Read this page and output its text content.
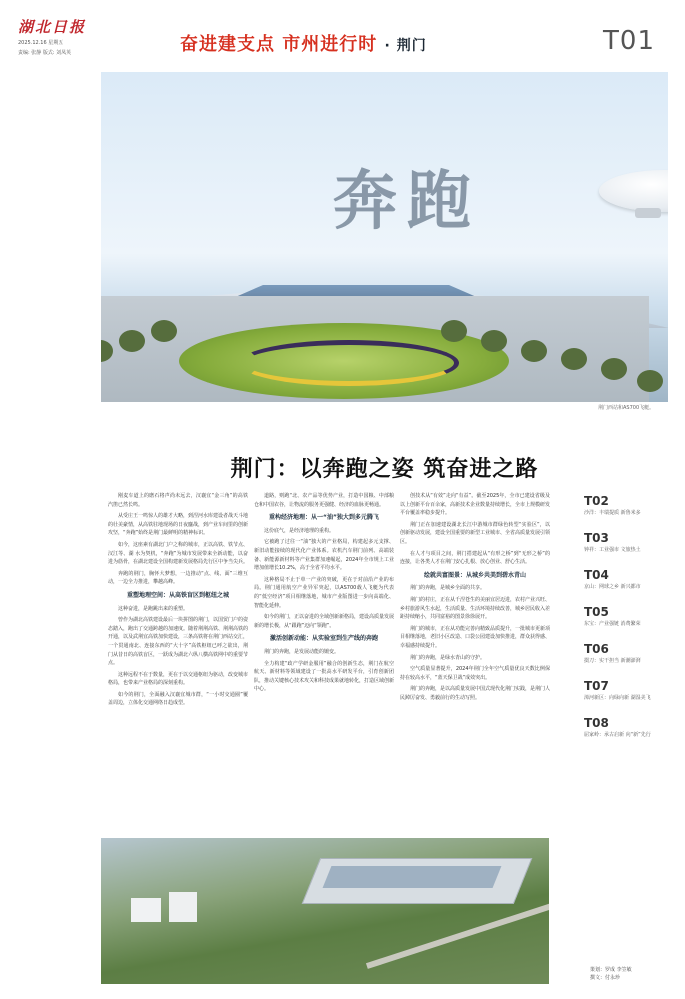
湖北日报
2025.12.16 星期五
责编: 张静 版式: 刘凤英	奋进建支点 市州进行时 · 荆门	T01
奔跑
荆门西站和AS700飞艇。
荆门：以奔跑之姿 筑奋进之路

刚麦车道上的磨石将声尚未远去，汉襄宜“金三角”的高铁汽笛已然长鸣。

从受庄王一鸣惊人的雄才大略，到涅河水库建设者战天斗地的壮美豪情，从高铁驻地现场的日夜鏖战，到产业车间里的创新攻坚，“奔跑”始终是荆门最鲜明的精神标识。

如今，这座素有湖北门户之称的城市，正以高铁、铁节点、汉江等、湖 水为契机，“奔跑”为城市发展带来全新动能，以奋进为筋骨，在湖北建设全国构建新发展格局先行区中争当尖兵。

奔跑的荆门，胸怀大梦想，一边推动“点、线、面”三维互动，一边全力推进，攀越高峰。

重塑地理空间：从高铁盲区到枢纽之城

这种奋进，是跑跳出来的重塑。

曾作为湖北高铁建设最后一块拼图的荆门，以国贸门户的姿态踏入，跑出了交通跨越的加速度。随着荆荆高铁、荆荆高铁的开通，以及武荆宜高铁加快建设，三条高铁将在荆门西站交汇，一个贯通南北、连接东西的“大十字”高铁枢纽已呼之欲出，荆门从昔日的高铁盲区，一跃成为湖北六纵八横高铁网中的重要节点。

这种远程不在于数量，更在于以交通枢纽为驱动，改变城市格局，也带来产业格局的深刻重构。

如今的荆门，全面融入汉襄宜城市群，“一小时交通圈”覆盖周边，立体化交通网络日趋成型。

道路，则跑“北、农产品等优势产业，打造中国粮、中部粮仓和中国农谷，让物流的服务更强健、经济的血脉更畅通。

重构经济地理：从一“油”独大到多元腾飞

这份底气，是经济地理的重构。

它被跑了过往一“油”独大的产业格局，构建起多元支撑、新旧动能接续的现代化产业体系。农机汽车荆门前列、高端装备、新能源新材料等产业集群加速崛起，2024年全市规上工业增加值增长10.2%，高于全省平均水平。

这种格局不止于单一产业的突破，更在于对前沿产业的布局。荆门通用航空产业异军突起，以AS700载人飞艇为代表的“低空经济”项目相继落地，城市产业版图进一步向高端化、智能化延伸。

如今的荆门，正以奋进的全域创新新格局，建设高质量发展新的增长极，从“跟跑”迈向“领跑”。

激活创新动能：从实验室到生产线的奔跑

荆门的奔跑，是发展动能的嬗变。

全力构建“政产学研金服用”融合的创新生态，荆门在航空航天、新材料等领域建设了一批高水平研发平台，引育创新团队，推动关键核心技术攻关和科技成果就地转化，打造区域创新中心。

创技术从“有效”走向“有益”。截至2025年，全市已建设省级及以上创新平台百余家，高新技术企业数量持续增长，全市上规模研发平台覆盖率稳步提升。

荆门正在加速建设湖北长江中游城市群绿色转型“实验区”，以创新驱动发展，建设全国重要的新型工业城市、全省高质量发展引领区。

在人才与项目之间，荆门搭建起从“有形之桥”到“无形之桥”的连接，让各类人才在荆门安心扎根、放心创业、舒心生活。

绘就共富图景：从城乡共美到碧水青山

荆门的奔跑，是城乡全面的共享。

荆门的村庄，正在从千涅苍生的美丽宜居迈进，农村产业兴旺、乡村旅游风生水起，生活质量、生活环境持续改善，城乡居民收入差距持续缩小，共同富裕的图景徐徐展开。

荆门的城市，正在从功能完善向精致品质提升，一批城市更新项目相继落地，老旧小区改造、口袋公园建设加快推进，群众获得感、幸福感持续提升。

荆门的奔跑，是绿水青山的守护。

空气质量显著提升，2024年荆门全年空气质量优良天数比例保持在较高水平，“蓝天保卫战”成效突出。

荆门的奔跑，是以高质量发展中国式现代化荆门实践，是荆门人民踔厉奋发、勇毅前行的生动写照。

T02
沙洋：丰瑞提质 新鲁米多
T03
钟祥：工业强市 文旅热土
T04
京山：网球之乡 新兴都市
T05
东宝：产业强链 消费繁荣
T06
掇刀：实干担当 新潮澎湃
T07
漳河新区：向绿向新 湖湿美飞
T08
屈家岭：承古启新 向“新”先行
策划：罗成 李笠敏
撰文：付永珍
